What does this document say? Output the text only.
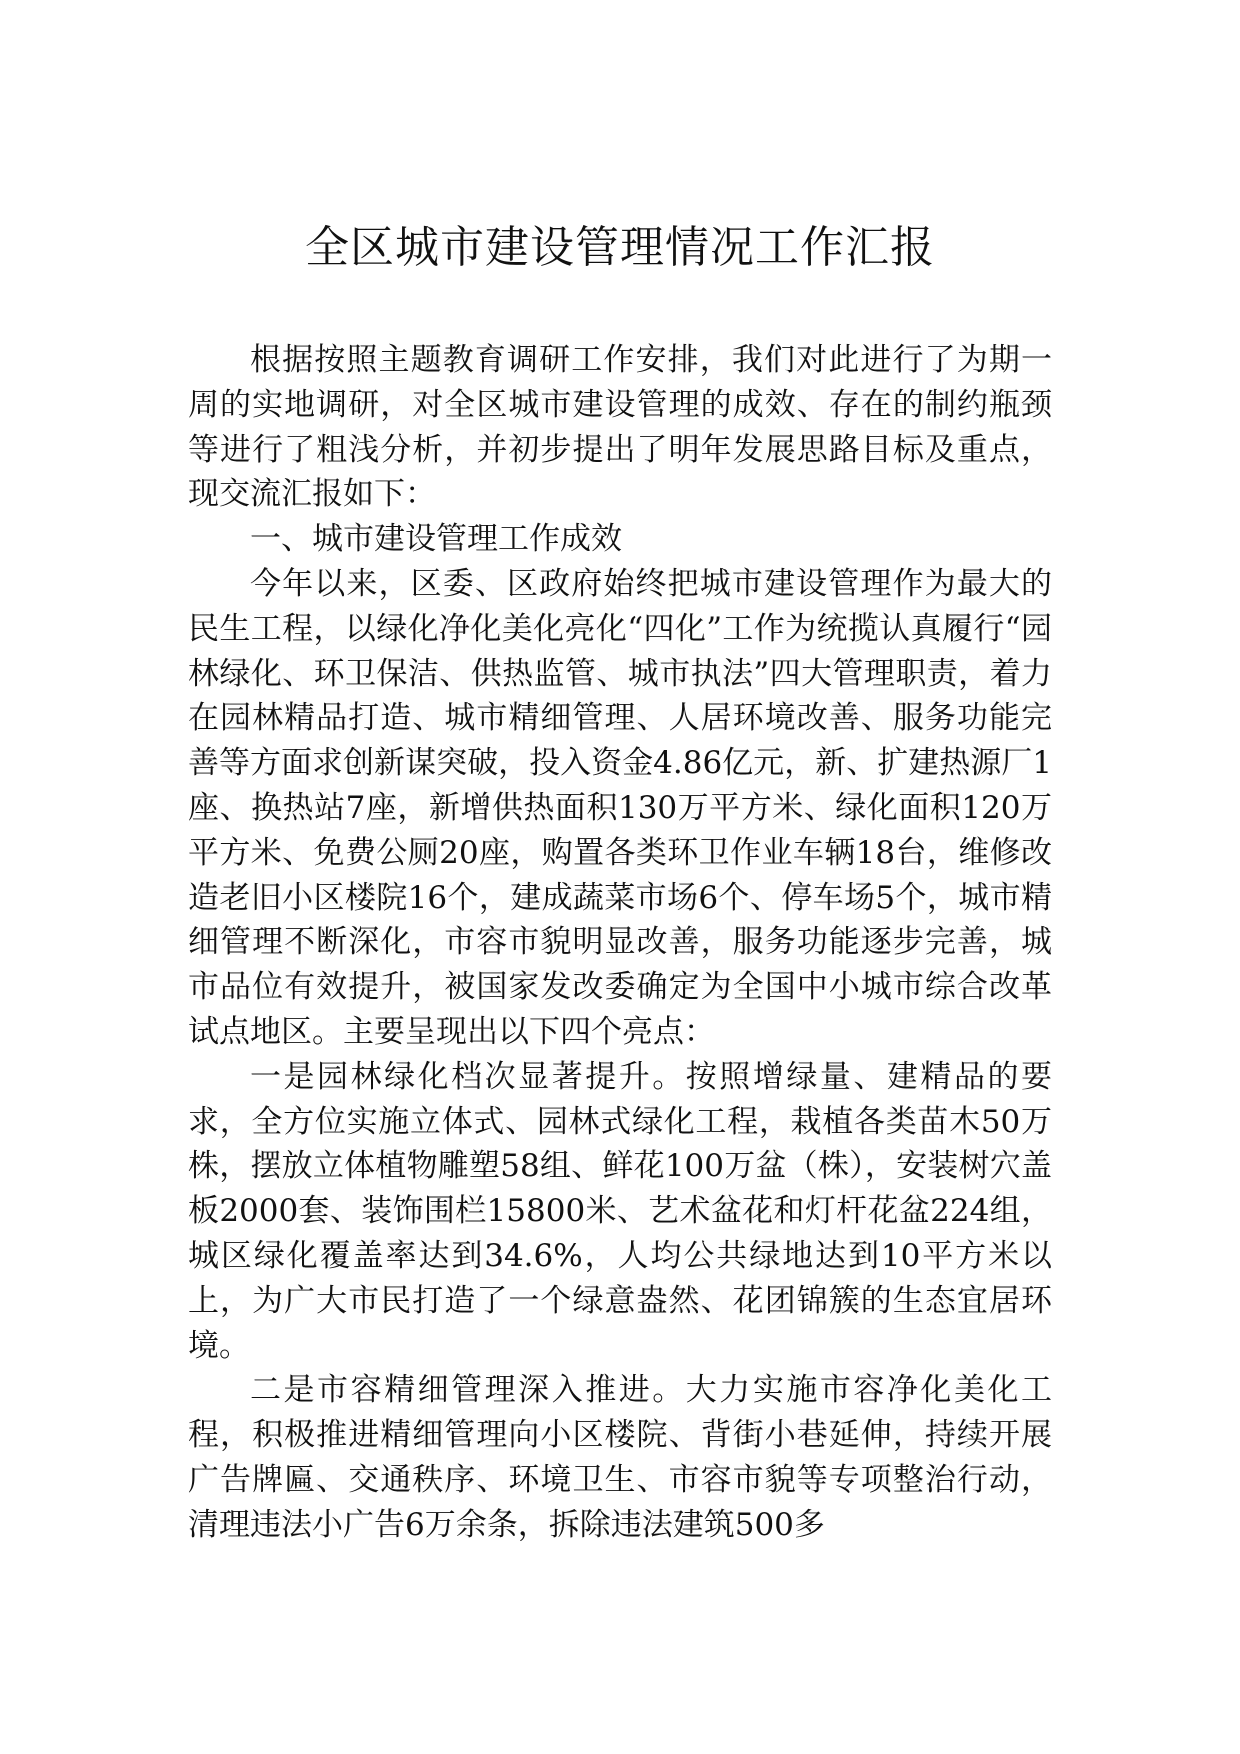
全区城市建设管理情况工作汇报

根据按照主题教育调研工作安排，我们对此进行了为期一周的实地调研，对全区城市建设管理的成效、存在的制约瓶颈等进行了粗浅分析，并初步提出了明年发展思路目标及重点，现交流汇报如下：

一、城市建设管理工作成效

今年以来，区委、区政府始终把城市建设管理作为最大的民生工程，以绿化净化美化亮化“四化”工作为统揽认真履行“园林绿化、环卫保洁、供热监管、城市执法”四大管理职责，着力在园林精品打造、城市精细管理、人居环境改善、服务功能完善等方面求创新谋突破，投入资金4.86亿元，新、扩建热源厂1座、换热站7座，新增供热面积130万平方米、绿化面积120万平方米、免费公厕20座，购置各类环卫作业车辆18台，维修改造老旧小区楼院16个，建成蔬菜市场6个、停车场5个，城市精细管理不断深化，市容市貌明显改善，服务功能逐步完善，城市品位有效提升，被国家发改委确定为全国中小城市综合改革试点地区。主要呈现出以下四个亮点：

一是园林绿化档次显著提升。按照增绿量、建精品的要求，全方位实施立体式、园林式绿化工程，栽植各类苗木50万株，摆放立体植物雕塑58组、鲜花100万盆（株），安装树穴盖板2000套、装饰围栏15800米、艺术盆花和灯杆花盆224组，城区绿化覆盖率达到34.6%，人均公共绿地达到10平方米以上，为广大市民打造了一个绿意盎然、花团锦簇的生态宜居环境。

二是市容精细管理深入推进。大力实施市容净化美化工程，积极推进精细管理向小区楼院、背街小巷延伸，持续开展广告牌匾、交通秩序、环境卫生、市容市貌等专项整治行动，清理违法小广告6万余条，拆除违法建筑500多
